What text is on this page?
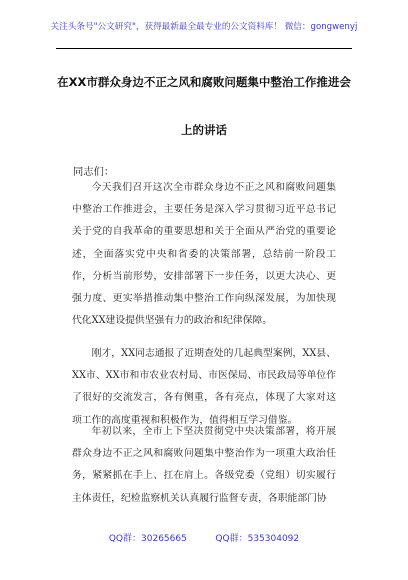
关注头条号"公文研究"，获得最新最全最专业的公文资料库！ 微信：gongwenyj
在XX市群众身边不正之风和腐败问题集中整治工作推进会
上的讲话
同志们：

今天我们召开这次全市群众身边不正之风和腐败问题集中整治工作推进会，主要任务是深入学习贯彻习近平总书记关于党的自我革命的重要思想和关于全面从严治党的重要论述，全面落实党中央和省委的决策部署，总结前一阶段工作，分析当前形势，安排部署下一步任务，以更大决心、更强力度、更实举措推动集中整治工作向纵深发展，为加快现代化XX建设提供坚强有力的政治和纪律保障。

刚才，XX同志通报了近期查处的几起典型案例，XX县、XX市、XX市和市农业农村局、市医保局、市民政局等单位作了很好的交流发言，各有侧重，各有亮点，体现了大家对这项工作的高度重视和积极作为，值得相互学习借鉴。

年初以来，全市上下坚决贯彻党中央决策部署，将开展群众身边不正之风和腐败问题集中整治作为一项重大政治任务，紧紧抓在手上、扛在肩上。各级党委（党组）切实履行主体责任，纪检监察机关认真履行监督专责，各职能部门协

QQ群：30265665          QQ群：535304092
